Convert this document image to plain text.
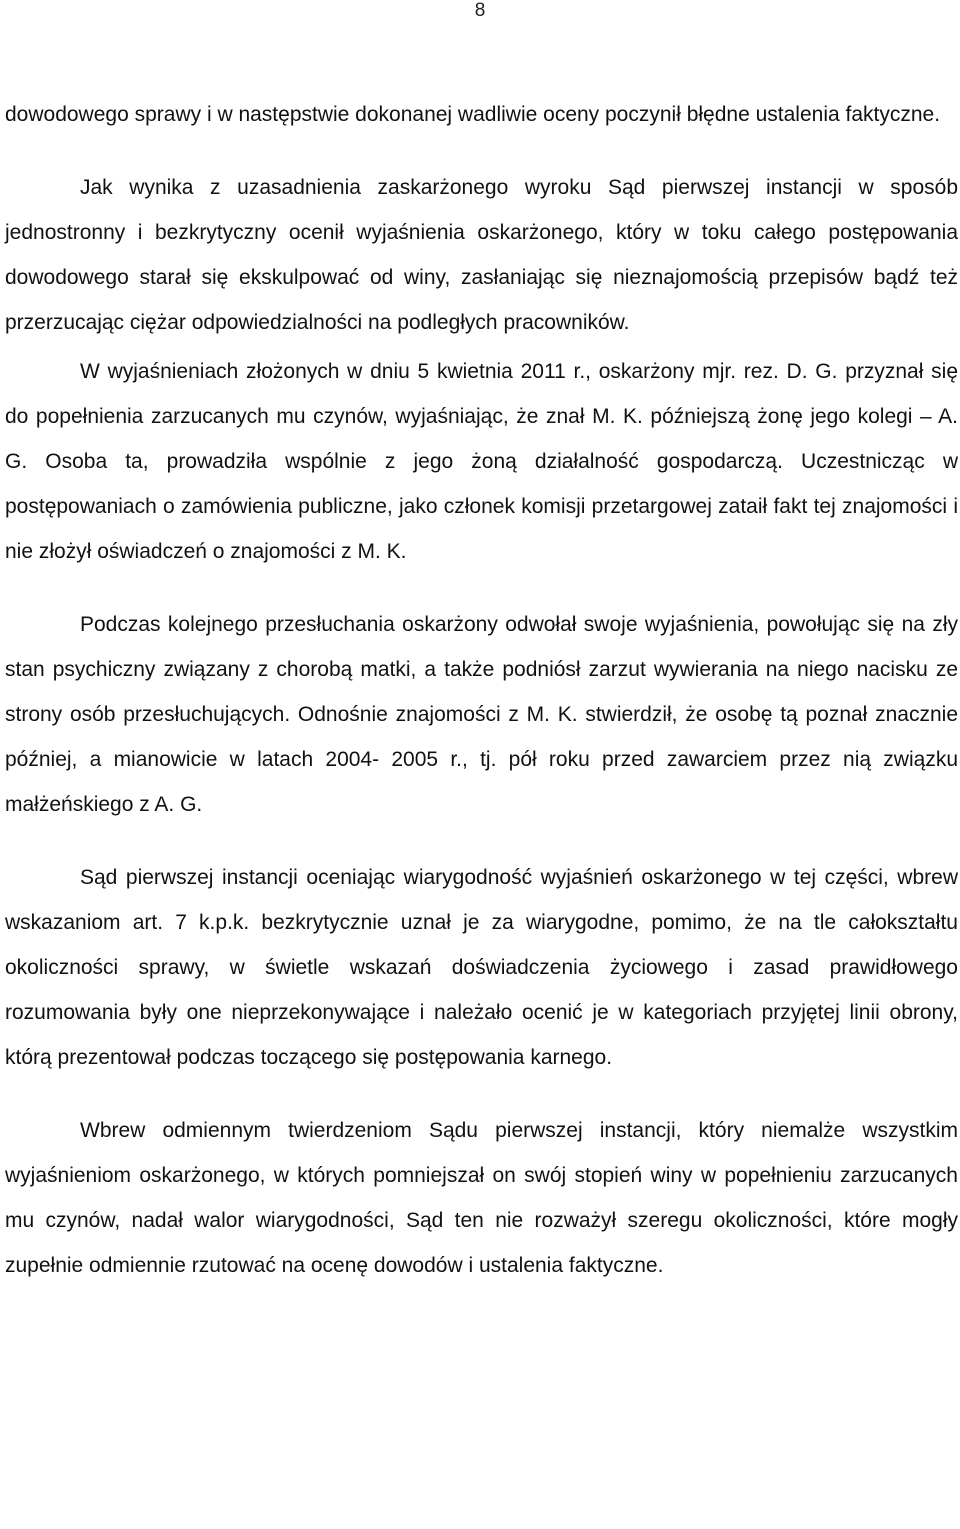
8

dowodowego sprawy i w następstwie dokonanej wadliwie oceny poczynił błędne ustalenia faktyczne.

Jak wynika z uzasadnienia zaskarżonego wyroku Sąd pierwszej instancji w sposób jednostronny i bezkrytyczny ocenił wyjaśnienia oskarżonego, który w toku całego postępowania dowodowego starał się ekskulpować od winy, zasłaniając się nieznajomością przepisów bądź też przerzucając ciężar odpowiedzialności na podległych pracowników.

W wyjaśnieniach złożonych w dniu 5 kwietnia 2011 r., oskarżony mjr. rez. D. G. przyznał się do popełnienia zarzucanych mu czynów, wyjaśniając, że znał M. K. późniejszą żonę jego kolegi – A. G. Osoba ta, prowadziła wspólnie z jego żoną działalność gospodarczą. Uczestnicząc w postępowaniach o zamówienia publiczne, jako członek komisji przetargowej zataił fakt tej znajomości i nie złożył oświadczeń o znajomości z M. K.

Podczas kolejnego przesłuchania oskarżony odwołał swoje wyjaśnienia, powołując się na zły stan psychiczny związany z chorobą matki, a także podniósł zarzut wywierania na niego nacisku ze strony osób przesłuchujących. Odnośnie znajomości z M. K. stwierdził, że osobę tą poznał znacznie później, a mianowicie w latach 2004- 2005 r., tj. pół roku przed zawarciem przez nią związku małżeńskiego z A. G.

Sąd pierwszej instancji oceniając wiarygodność wyjaśnień oskarżonego w tej części, wbrew wskazaniom art. 7 k.p.k. bezkrytycznie uznał je za wiarygodne, pomimo, że na tle całokształtu okoliczności sprawy, w świetle wskazań doświadczenia życiowego i zasad prawidłowego rozumowania były one nieprzekonywające i należało ocenić je w kategoriach przyjętej linii obrony, którą prezentował podczas toczącego się postępowania karnego.

Wbrew odmiennym twierdzeniom Sądu pierwszej instancji, który niemalże wszystkim wyjaśnieniom oskarżonego, w których pomniejszał on swój stopień winy w popełnieniu zarzucanych mu czynów, nadał walor wiarygodności, Sąd ten nie rozważył szeregu okoliczności, które mogły zupełnie odmiennie rzutować na ocenę dowodów i ustalenia faktyczne.
